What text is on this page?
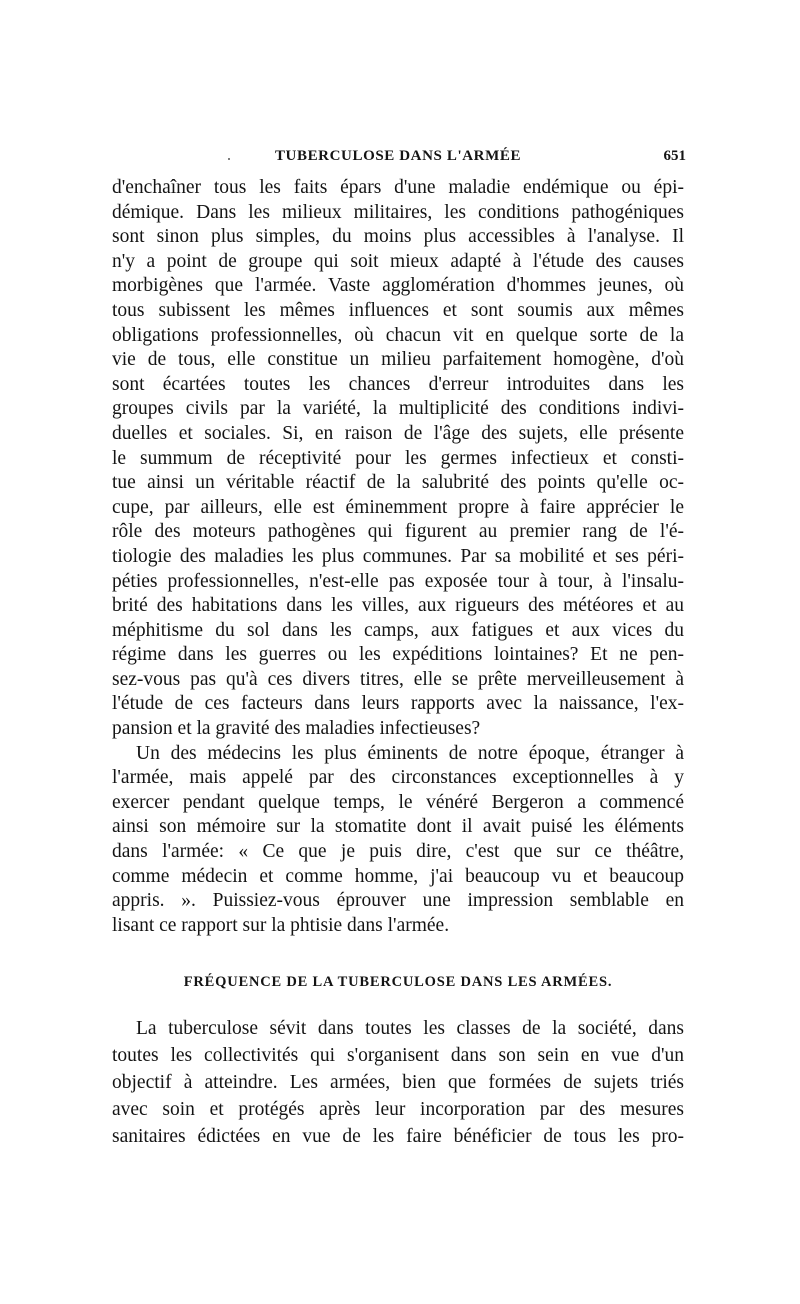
TUBERCULOSE DANS L'ARMÉE	651
d'enchaîner tous les faits épars d'une maladie endémique ou épi-
démique. Dans les milieux militaires, les conditions pathogéniques
sont sinon plus simples, du moins plus accessibles à l'analyse. Il
n'y a point de groupe qui soit mieux adapté à l'étude des causes
morbigènes que l'armée. Vaste agglomération d'hommes jeunes, où
tous subissent les mêmes influences et sont soumis aux mêmes
obligations professionnelles, où chacun vit en quelque sorte de la
vie de tous, elle constitue un milieu parfaitement homogène, d'où
sont écartées toutes les chances d'erreur introduites dans les
groupes civils par la variété, la multiplicité des conditions indivi-
duelles et sociales. Si, en raison de l'âge des sujets, elle présente
le summum de réceptivité pour les germes infectieux et consti-
tue ainsi un véritable réactif de la salubrité des points qu'elle oc-
cupe, par ailleurs, elle est éminemment propre à faire apprécier le
rôle des moteurs pathogènes qui figurent au premier rang de l'é-
tiologie des maladies les plus communes. Par sa mobilité et ses péri-
péties professionnelles, n'est-elle pas exposée tour à tour, à l'insalu-
brité des habitations dans les villes, aux rigueurs des météores et au
méphitisme du sol dans les camps, aux fatigues et aux vices du
régime dans les guerres ou les expéditions lointaines? Et ne pen-
sez-vous pas qu'à ces divers titres, elle se prête merveilleusement à
l'étude de ces facteurs dans leurs rapports avec la naissance, l'ex-
pansion et la gravité des maladies infectieuses?
Un des médecins les plus éminents de notre époque, étranger à
l'armée, mais appelé par des circonstances exceptionnelles à y
exercer pendant quelque temps, le vénéré Bergeron a commencé
ainsi son mémoire sur la stomatite dont il avait puisé les éléments
dans l'armée: « Ce que je puis dire, c'est que sur ce théâtre,
comme médecin et comme homme, j'ai beaucoup vu et beaucoup
appris. ». Puissiez-vous éprouver une impression semblable en
lisant ce rapport sur la phtisie dans l'armée.
FRÉQUENCE DE LA TUBERCULOSE DANS LES ARMÉES.
La tuberculose sévit dans toutes les classes de la société, dans
toutes les collectivités qui s'organisent dans son sein en vue d'un
objectif à atteindre. Les armées, bien que formées de sujets triés
avec soin et protégés après leur incorporation par des mesures
sanitaires édictées en vue de les faire bénéficier de tous les pro-
